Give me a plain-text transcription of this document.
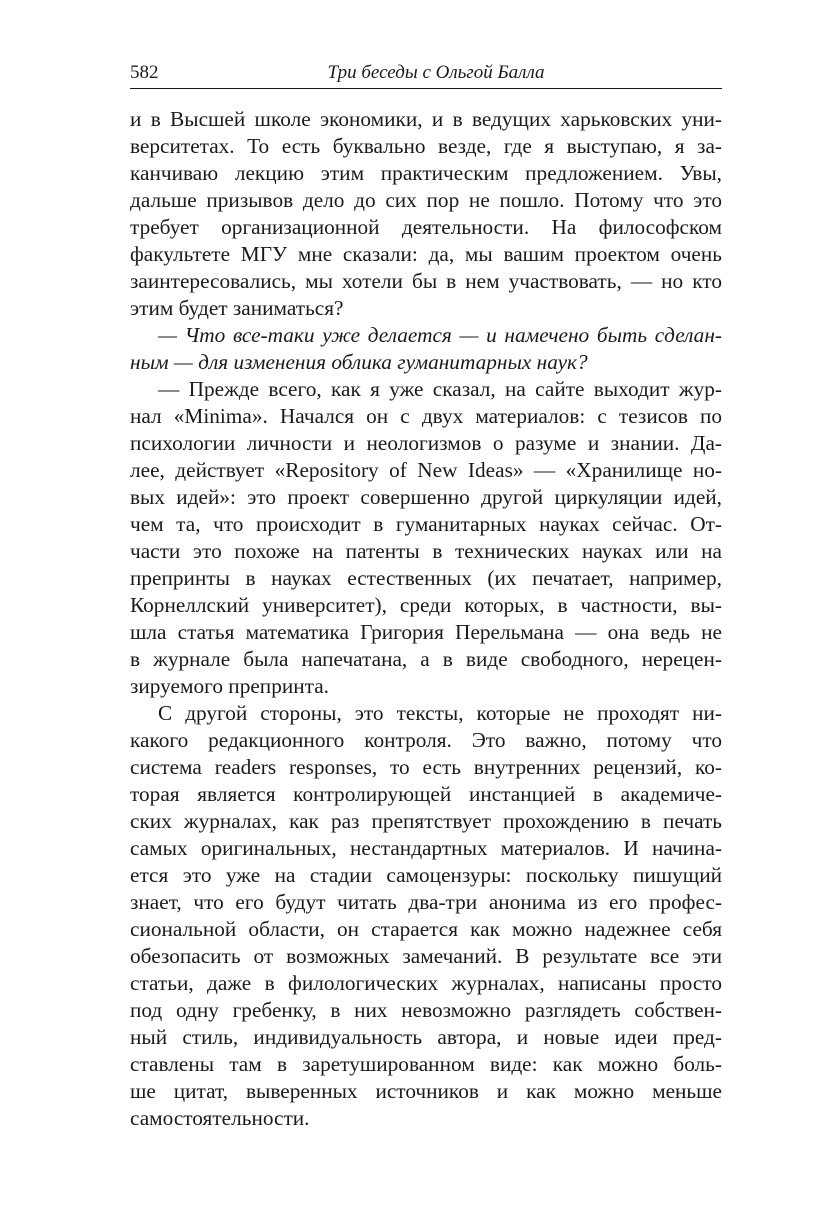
582	Три беседы с Ольгой Балла
и в Высшей школе экономики, и в ведущих харьковских уни-
верситетах. То есть буквально везде, где я выступаю, я за-
канчиваю лекцию этим практическим предложением. Увы,
дальше призывов дело до сих пор не пошло. Потому что это
требует организационной деятельности. На философском
факультете МГУ мне сказали: да, мы вашим проектом очень
заинтересовались, мы хотели бы в нем участвовать, — но кто
этим будет заниматься?
— Что все-таки уже делается — и намечено быть сделан-
ным — для изменения облика гуманитарных наук?
— Прежде всего, как я уже сказал, на сайте выходит жур-
нал «Minima». Начался он с двух материалов: с тезисов по
психологии личности и неологизмов о разуме и знании. Да-
лее, действует «Repository of New Ideas» — «Хранилище но-
вых идей»: это проект совершенно другой циркуляции идей,
чем та, что происходит в гуманитарных науках сейчас. От-
части это похоже на патенты в технических науках или на
препринты в науках естественных (их печатает, например,
Корнеллский университет), среди которых, в частности, вы-
шла статья математика Григория Перельмана — она ведь не
в журнале была напечатана, а в виде свободного, нерецен-
зируемого препринта.
С другой стороны, это тексты, которые не проходят ни-
какого редакционного контроля. Это важно, потому что
система readers responses, то есть внутренних рецензий, ко-
торая является контролирующей инстанцией в академиче-
ских журналах, как раз препятствует прохождению в печать
самых оригинальных, нестандартных материалов. И начина-
ется это уже на стадии самоцензуры: поскольку пишущий
знает, что его будут читать два-три анонима из его профес-
сиональной области, он старается как можно надежнее себя
обезопасить от возможных замечаний. В результате все эти
статьи, даже в филологических журналах, написаны просто
под одну гребенку, в них невозможно разглядеть собствен-
ный стиль, индивидуальность автора, и новые идеи пред-
ставлены там в заретушированном виде: как можно боль-
ше цитат, выверенных источников и как можно меньше
самостоятельности.
